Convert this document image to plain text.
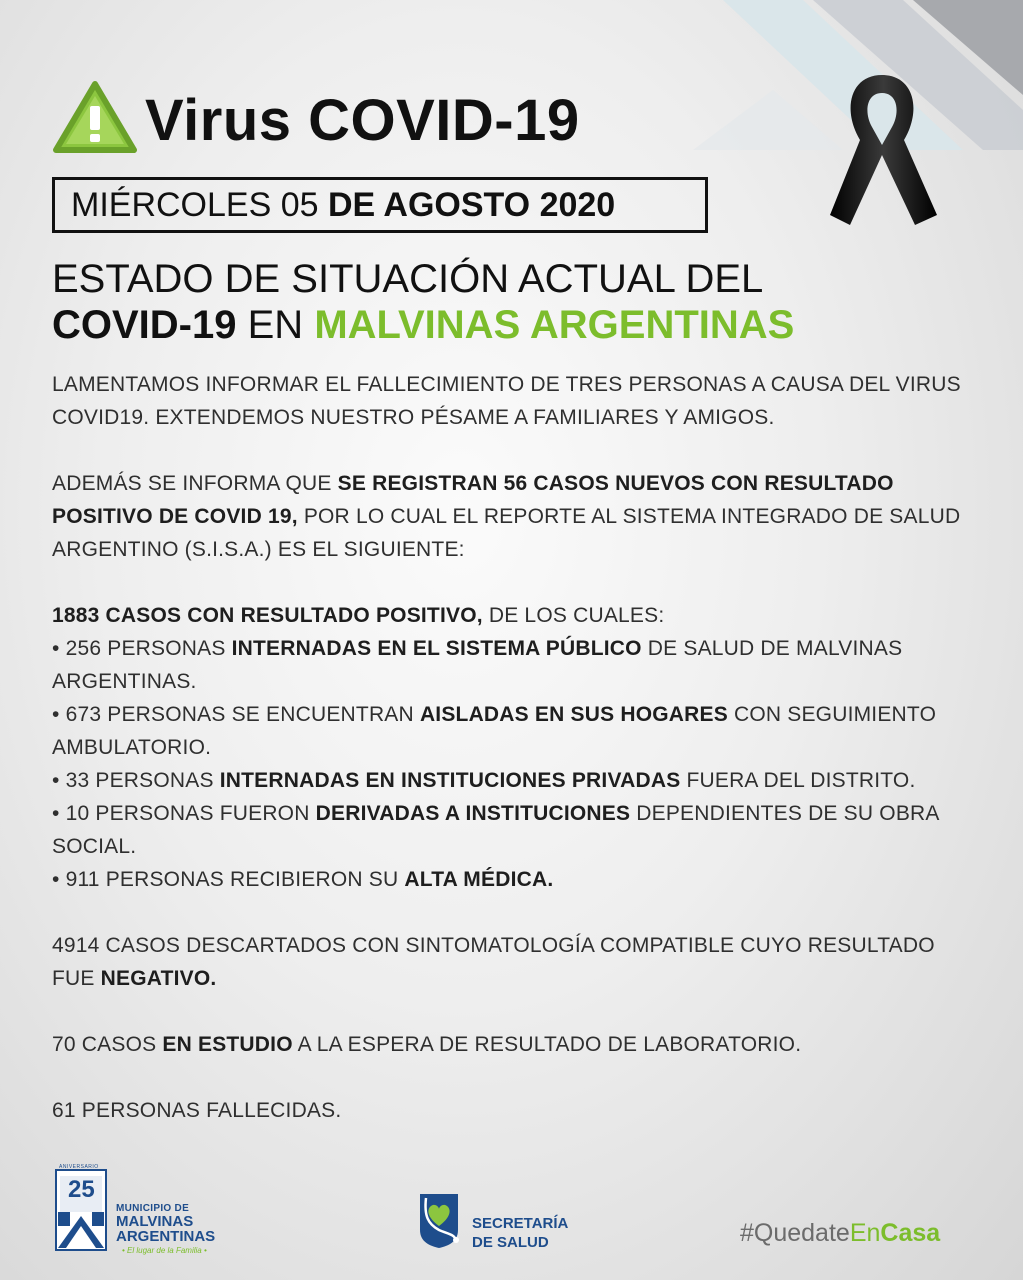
Virus COVID-19
MIÉRCOLES 05
DE AGOSTO 2020
ESTADO DE SITUACIÓN ACTUAL DEL
COVID-19 EN MALVINAS ARGENTINAS

LAMENTAMOS INFORMAR EL FALLECIMIENTO DE TRES PERSONAS A CAUSA DEL VIRUS COVID19. EXTENDEMOS NUESTRO PÉSAME A FAMILIARES Y AMIGOS.

ADEMÁS SE INFORMA QUE SE REGISTRAN 56 CASOS NUEVOS CON RESULTADO POSITIVO DE COVID 19, POR LO CUAL EL REPORTE AL SISTEMA INTEGRADO DE SALUD ARGENTINO (S.I.S.A.) ES EL SIGUIENTE:

1883 CASOS CON RESULTADO POSITIVO, DE LOS CUALES:

• 256 PERSONAS INTERNADAS EN EL SISTEMA PÚBLICO DE SALUD DE MALVINAS ARGENTINAS.

• 673 PERSONAS SE ENCUENTRAN AISLADAS EN SUS HOGARES CON SEGUIMIENTO AMBULATORIO.

• 33 PERSONAS INTERNADAS EN INSTITUCIONES PRIVADAS FUERA DEL DISTRITO.

• 10 PERSONAS FUERON DERIVADAS A INSTITUCIONES DEPENDIENTES DE SU OBRA SOCIAL.

• 911 PERSONAS RECIBIERON SU ALTA MÉDICA.

4914 CASOS DESCARTADOS CON SINTOMATOLOGÍA COMPATIBLE CUYO RESULTADO FUE NEGATIVO.

70 CASOS EN ESTUDIO A LA ESPERA DE RESULTADO DE LABORATORIO.

61 PERSONAS FALLECIDAS.

25
ANIVERSARIO
MUNICIPIO DE
MALVINAS
ARGENTINAS
• El lugar de la Familia •
SECRETARÍA
DE SALUD	#QuedateEnCasa
